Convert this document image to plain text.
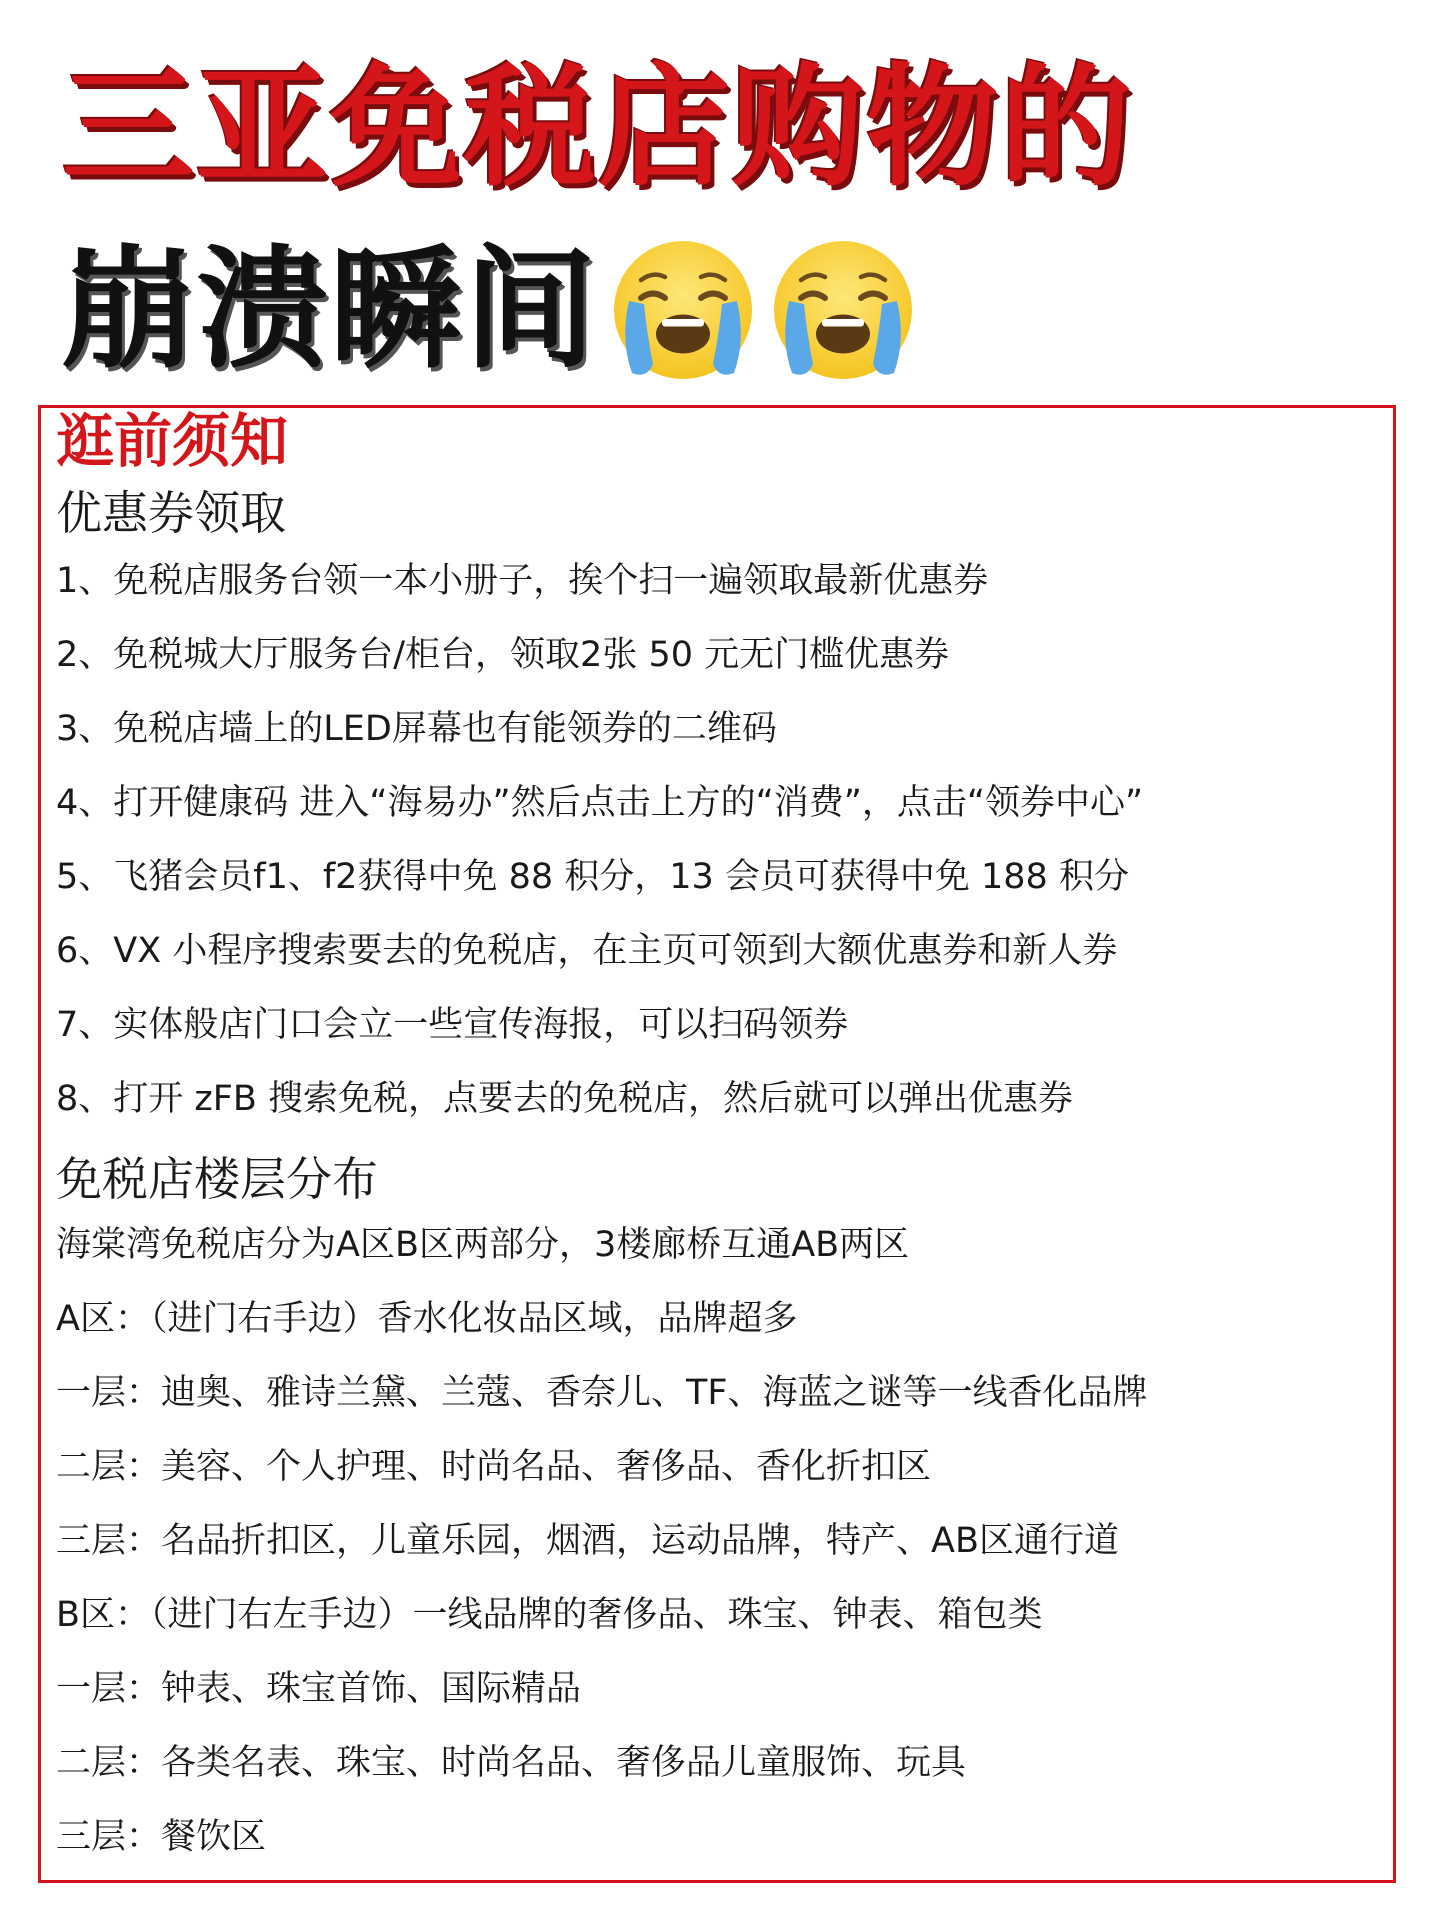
三亚免税店购物的
崩溃瞬间
逛前须知
优惠券领取
1、免税店服务台领一本小册子，挨个扫一遍领取最新优惠券
2、免税城大厅服务台/柜台，领取2张 50 元无门槛优惠券
3、免税店墙上的LED屏幕也有能领券的二维码
4、打开健康码 进入“海易办”然后点击上方的“消费”，点击“领券中心”
5、飞猪会员f1、f2获得中免 88 积分，13 会员可获得中免 188 积分
6、VX 小程序搜索要去的免税店，在主页可领到大额优惠券和新人券
7、实体般店门口会立一些宣传海报，可以扫码领券
8、打开 zFB 搜索免税，点要去的免税店，然后就可以弹出优惠券
免税店楼层分布
海棠湾免税店分为A区B区两部分，3楼廊桥互通AB两区
A区：（进门右手边）香水化妆品区域，品牌超多
一层：迪奥、雅诗兰黛、兰蔻、香奈儿、TF、海蓝之谜等一线香化品牌
二层：美容、个人护理、时尚名品、奢侈品、香化折扣区
三层：名品折扣区，儿童乐园，烟酒，运动品牌，特产、AB区通行道
B区：（进门右左手边）一线品牌的奢侈品、珠宝、钟表、箱包类
一层：钟表、珠宝首饰、国际精品
二层：各类名表、珠宝、时尚名品、奢侈品儿童服饰、玩具
三层：餐饮区
